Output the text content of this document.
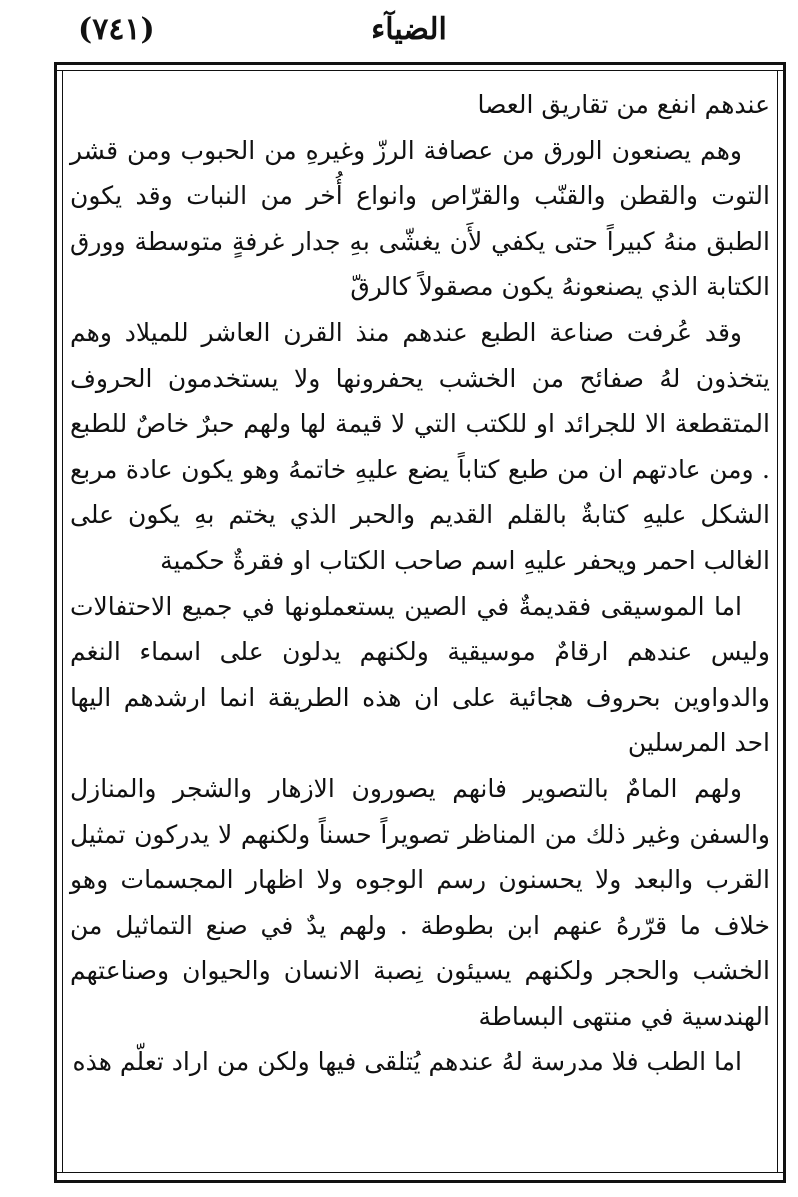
(٧٤١)	الضيآء

عندهم انفع من تقاريق العصا

وهم يصنعون الورق من عصافة الرزّ وغيرهِ من الحبوب ومن قشر التوت والقطن والقنّب والقرّاص وانواع أُخر من النبات وقد يكون الطبق منهُ كبيراً حتى يكفي لأَن يغشّى بهِ جدار غرفةٍ متوسطة وورق الكتابة الذي يصنعونهُ يكون مصقولاً كالرقّ

وقد عُرفت صناعة الطبع عندهم منذ القرن العاشر للميلاد وهم يتخذون لهُ صفائح من الخشب يحفرونها ولا يستخدمون الحروف المتقطعة الا للجرائد او للكتب التي لا قيمة لها ولهم حبرٌ خاصٌ للطبع . ومن عادتهم ان من طبع كتاباً يضع عليهِ خاتمهُ وهو يكون عادة مربع الشكل عليهِ كتابةٌ بالقلم القديم والحبر الذي يختم بهِ يكون على الغالب احمر ويحفر عليهِ اسم صاحب الكتاب او فقرةٌ حكمية

اما الموسيقى فقديمةٌ في الصين يستعملونها في جميع الاحتفالات وليس عندهم ارقامٌ موسيقية ولكنهم يدلون على اسماء النغم والدواوين بحروف هجائية على ان هذه الطريقة انما ارشدهم اليها احد المرسلين

ولهم المامٌ بالتصوير فانهم يصورون الازهار والشجر والمنازل والسفن وغير ذلك من المناظر تصويراً حسناً ولكنهم لا يدركون تمثيل القرب والبعد ولا يحسنون رسم الوجوه ولا اظهار المجسمات وهو خلاف ما قرّرهُ عنهم ابن بطوطة . ولهم يدٌ في صنع التماثيل من الخشب والحجر ولكنهم يسيئون نِصبة الانسان والحيوان وصناعتهم الهندسية في منتهى البساطة

اما الطب فلا مدرسة لهُ عندهم يُتلقى فيها ولكن من اراد تعلّم هذه
